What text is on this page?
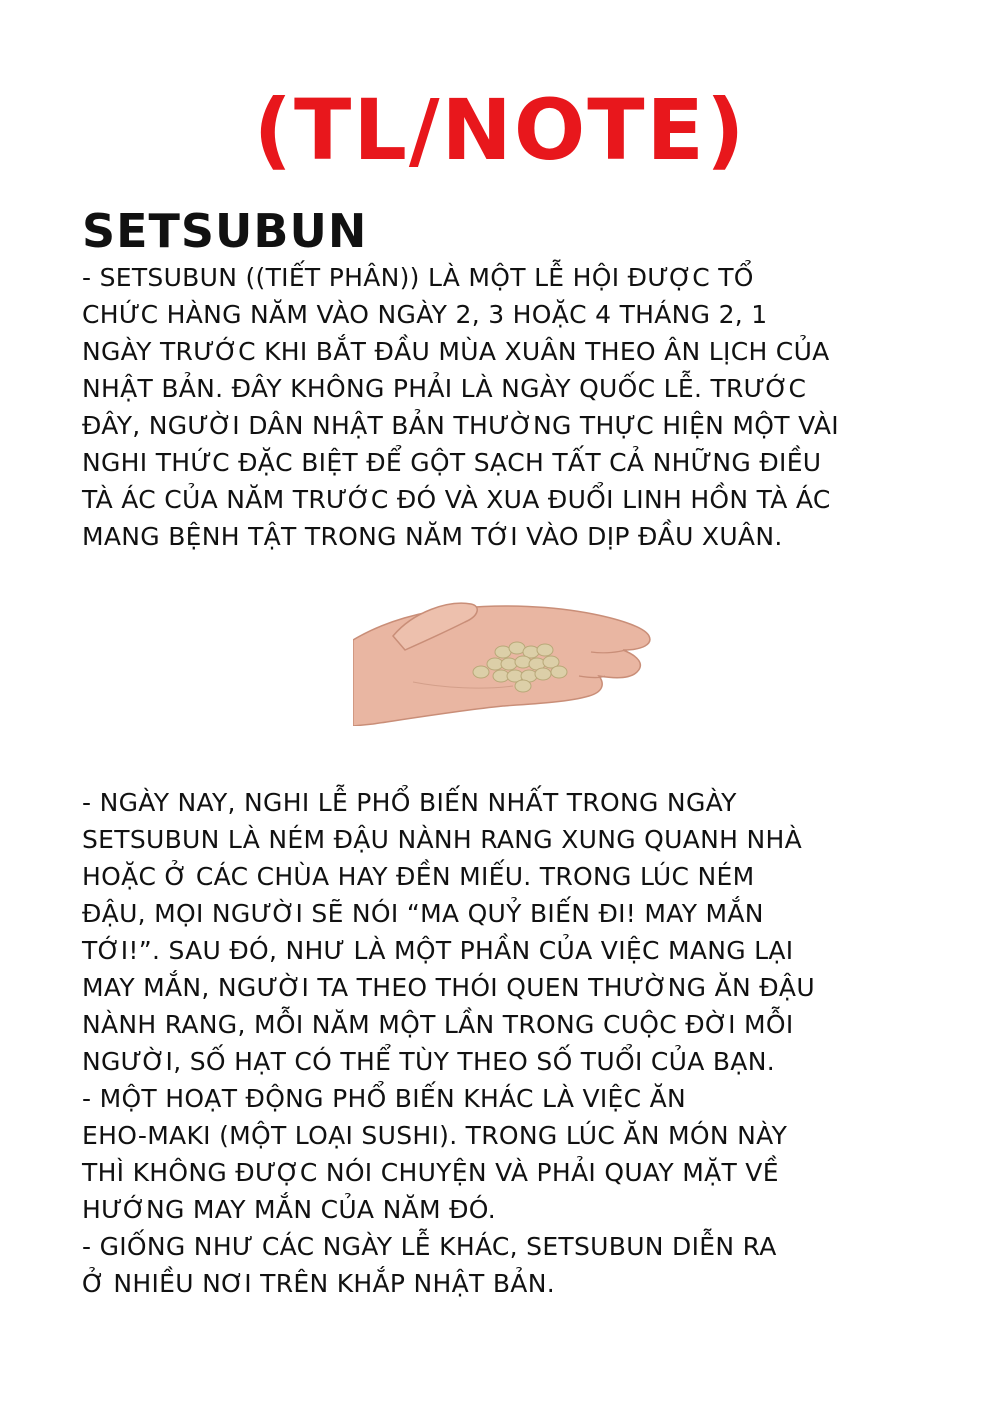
(TL/NOTE)
SETSUBUN
- SETSUBUN ((TIẾT PHÂN)) LÀ MỘT LỄ HỘI ĐƯỢC TỔ
CHỨC HÀNG NĂM VÀO NGÀY 2, 3 HOẶC 4 THÁNG 2, 1
NGÀY TRƯỚC KHI BẮT ĐẦU MÙA XUÂN THEO ÂN LỊCH CỦA
NHẬT BẢN. ĐÂY KHÔNG PHẢI LÀ NGÀY QUỐC LỄ. TRƯỚC
ĐÂY, NGƯỜI DÂN NHẬT BẢN THƯỜNG THỰC HIỆN MỘT VÀI
NGHI THỨC ĐẶC BIỆT ĐỂ GỘT SẠCH TẤT CẢ NHỮNG ĐIỀU
TÀ ÁC CỦA NĂM TRƯỚC ĐÓ VÀ XUA ĐUỔI LINH HỒN TÀ ÁC
MANG BỆNH TẬT TRONG NĂM TỚI VÀO DỊP ĐẦU XUÂN.
- NGÀY NAY, NGHI LỄ PHỔ BIẾN NHẤT TRONG NGÀY
SETSUBUN LÀ NÉM ĐẬU NÀNH RANG XUNG QUANH NHÀ
HOẶC Ở CÁC CHÙA HAY ĐỀN MIẾU. TRONG LÚC NÉM
ĐẬU, MỌI NGƯỜI SẼ NÓI “MA QUỶ BIẾN ĐI! MAY MẮN
TỚI!”. SAU ĐÓ, NHƯ LÀ MỘT PHẦN CỦA VIỆC MANG LẠI
MAY MẮN, NGƯỜI TA THEO THÓI QUEN THƯỜNG ĂN ĐẬU
NÀNH RANG, MỖI NĂM MỘT LẦN TRONG CUỘC ĐỜI MỖI
NGƯỜI, SỐ HẠT CÓ THỂ TÙY THEO SỐ TUỔI CỦA BẠN.
- MỘT HOẠT ĐỘNG PHỔ BIẾN KHÁC LÀ VIỆC ĂN
EHO-MAKI (MỘT LOẠI SUSHI). TRONG LÚC ĂN MÓN NÀY
THÌ KHÔNG ĐƯỢC NÓI CHUYỆN VÀ PHẢI QUAY MẶT VỀ
HƯỚNG MAY MẮN CỦA NĂM ĐÓ.
- GIỐNG NHƯ CÁC NGÀY LỄ KHÁC, SETSUBUN DIỄN RA
Ở NHIỀU NƠI TRÊN KHẮP NHẬT BẢN.
